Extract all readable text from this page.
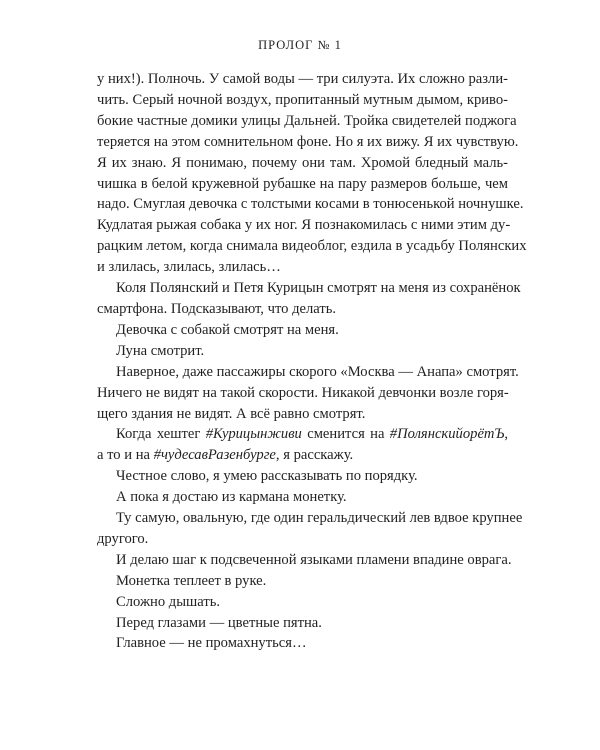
ПРОЛОГ № 1
у них!). Полночь. У самой воды — три силуэта. Их сложно разли-
чить. Серый ночной воздух, пропитанный мутным дымом, криво-
бокие частные домики улицы Дальней. Тройка свидетелей поджога
теряется на этом сомнительном фоне. Но я их вижу. Я их чувствую.
Я их знаю. Я понимаю, почему они там. Хромой бледный маль-
чишка в белой кружевной рубашке на пару размеров больше, чем
надо. Смуглая девочка с толстыми косами в тонюсенькой ночнушке.
Кудлатая рыжая собака у их ног. Я познакомилась с ними этим ду-
рацким летом, когда снимала видеоблог, ездила в усадьбу Полянских
и злилась, злилась, злилась…
Коля Полянский и Петя Курицын смотрят на меня из сохранёнок
смартфона. Подсказывают, что делать.
Девочка с собакой смотрят на меня.
Луна смотрит.
Наверное, даже пассажиры скорого «Москва — Анапа» смотрят.
Ничего не видят на такой скорости. Никакой девчонки возле горя-
щего здания не видят. А всё равно смотрят.
Когда хештег #Курицынживи сменится на #ПолянскийорётЪ,
а то и на #чудесавРазенбурге, я расскажу.
Честное слово, я умею рассказывать по порядку.
А пока я достаю из кармана монетку.
Ту самую, овальную, где один геральдический лев вдвое крупнее
другого.
И делаю шаг к подсвеченной языками пламени впадине оврага.
Монетка теплеет в руке.
Сложно дышать.
Перед глазами — цветные пятна.
Главное — не промахнуться…
